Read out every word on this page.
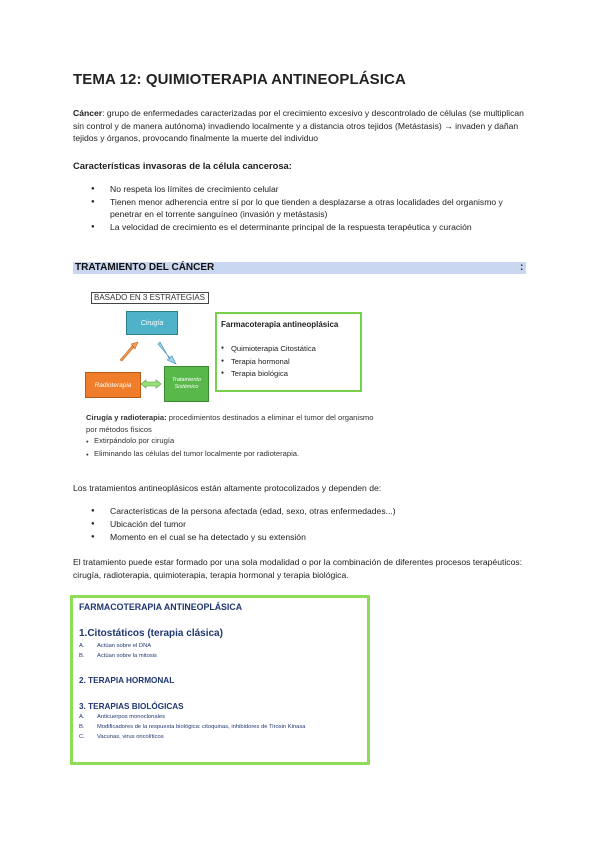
TEMA 12: QUIMIOTERAPIA ANTINEOPLÁSICA
Cáncer: grupo de enfermedades caracterizadas por el crecimiento excesivo y descontrolado de células (se multiplican sin control y de manera autónoma) invadiendo localmente y a distancia otros tejidos (Metástasis) → invaden y dañan tejidos y órganos, provocando finalmente la muerte del individuo
Características invasoras de la célula cancerosa:
● No respeta los límites de crecimiento celular
● Tienen menor adherencia entre sí por lo que tienden a desplazarse a otras localidades del organismo y penetrar en el torrente sanguíneo (invasión y metástasis)
● La velocidad de crecimiento es el determinante principal de la respuesta terapéutica y curación
TRATAMIENTO DEL CÁNCER	:
BASADO EN 3 ESTRATEGIAS
Cirugía
Radioterapia
Tratamiento Sistémico
Farmacoterapia antineoplásica
● Quimioterapia Citostática
● Terapia hormonal
● Terapia biológica
Cirugía y radioterapia: procedimientos destinados a eliminar el tumor del organismo por métodos físicos
● Extirpándolo por cirugía
● Eliminando las células del tumor localmente por radioterapia.
Los tratamientos antineoplásicos están altamente protocolizados y dependen de:
● Características de la persona afectada (edad, sexo, otras enfermedades...)
● Ubicación del tumor
● Momento en el cual se ha detectado y su extensión
El tratamiento puede estar formado por una sola modalidad o por la combinación de diferentes procesos terapéuticos: cirugía, radioterapia, quimioterapia, terapia hormonal y terapia biológica.
FARMACOTERAPIA ANTINEOPLÁSICA
1.Citostáticos (terapia clásica)
A. Actúan sobre el DNA
B. Actúan sobre la mitosis
2. TERAPIA HORMONAL
3. TERAPIAS BIOLÓGICAS
A. Anticuerpos monoclonales
B. Modificadores de la respuesta biológica: citoquinas, inhibidores de Tirosin Kinasa
C. Vacunas, virus oncolíticos
